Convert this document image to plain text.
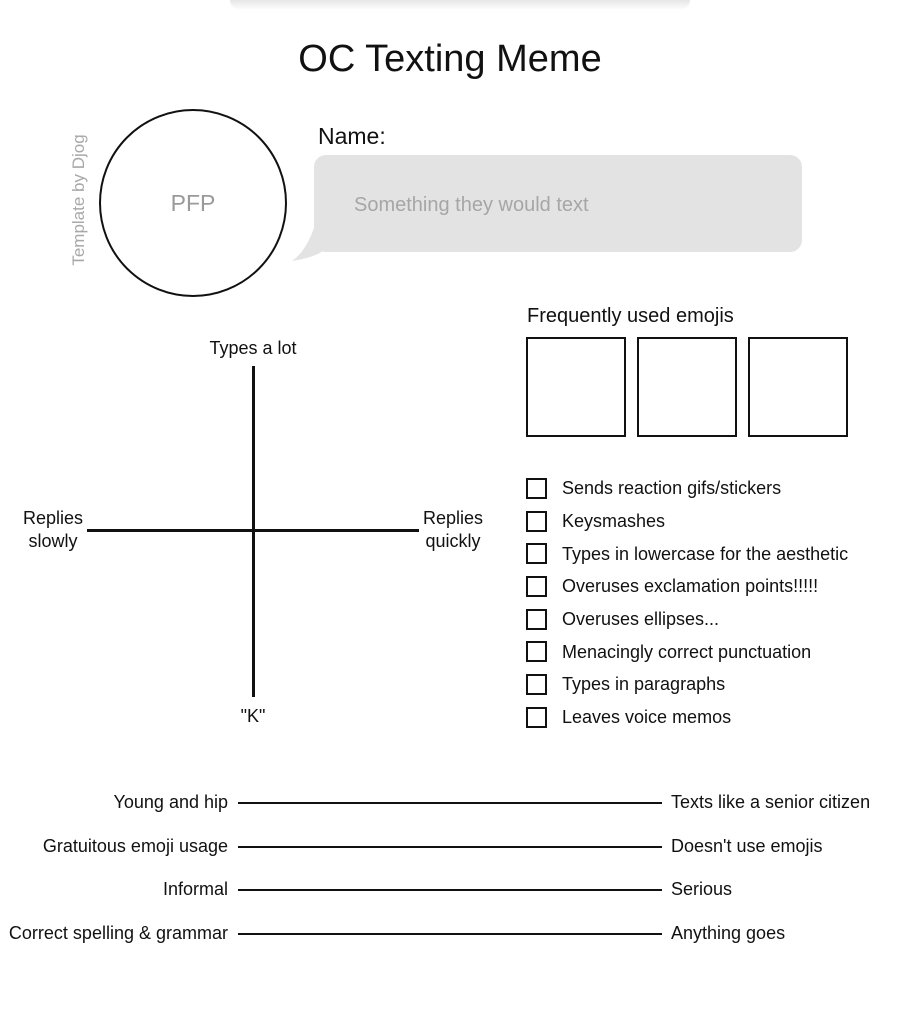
OC Texting Meme
Template by Djog	PFP
Name:
Something they would text
Types a lot
"K"
Replies
slowly
Replies
quickly
Frequently used emojis
Sends reaction gifs/stickers
Keysmashes
Types in lowercase for the aesthetic
Overuses exclamation points!!!!!
Overuses ellipses...
Menacingly correct punctuation
Types in paragraphs
Leaves voice memos
Young and hip	Texts like a senior citizen
Gratuitous emoji usage	Doesn't use emojis
Informal	Serious
Correct spelling & grammar	Anything goes
